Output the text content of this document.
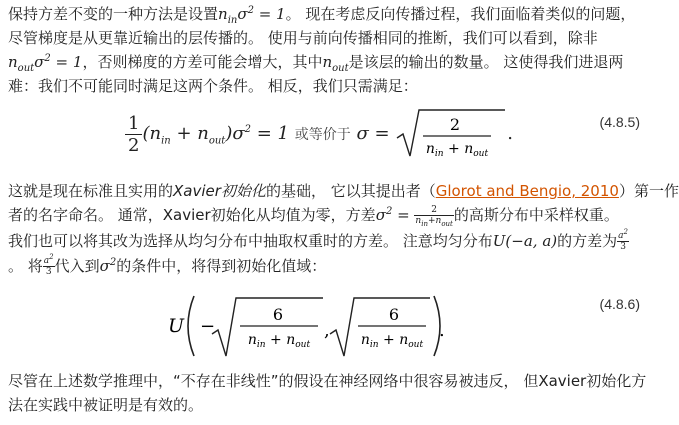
保持方差不变的一种方法是设置$n_{in}\sigma^2 = 1$。 现在考虑反向传播过程，我们面临着类似的问题，
尽管梯度是从更靠近输出的层传播的。 使用与前向传播相同的推断，我们可以看到，除非
$n_{out}\sigma^2 = 1$，否则梯度的方差可能会增大，其中$n_{out}$是该层的输出的数量。 这使得我们进退两
难：我们不可能同时满足这两个条件。 相反，我们只需满足：
$\frac{1}{2} (n_{in} + n_{out})\sigma^2 = 1$ 或等价于 σ =	2
$n_{in} + n_{out}$
.
(4.8.5)
这就是现在标准且实用的Xavier初始化的基础， 它以其提出者（Glorot and Bengio, 2010）第一作
者的名字命名。 通常，Xavier初始化从均值为零，方差$\sigma^2 = \frac{2}{n_{in}+n_{out}}$ 的高斯分布中采样权重。
我们也可以将其改为选择从均匀分布中抽取权重时的方差。 注意均匀分布U(−a, a)的方差为 $\frac{a^2}{3}$
。 将 $\frac{a^2}{3}$ 代入到$\sigma^2$的条件中，将得到初始化值域：
U −
6
$n_{in} + n_{out}$
,
6
$n_{in} + n_{out}$
.
(4.8.6)
尽管在上述数学推理中，“不存在非线性”的假设在神经网络中很容易被违反， 但Xavier初始化方
法在实践中被证明是有效的。
